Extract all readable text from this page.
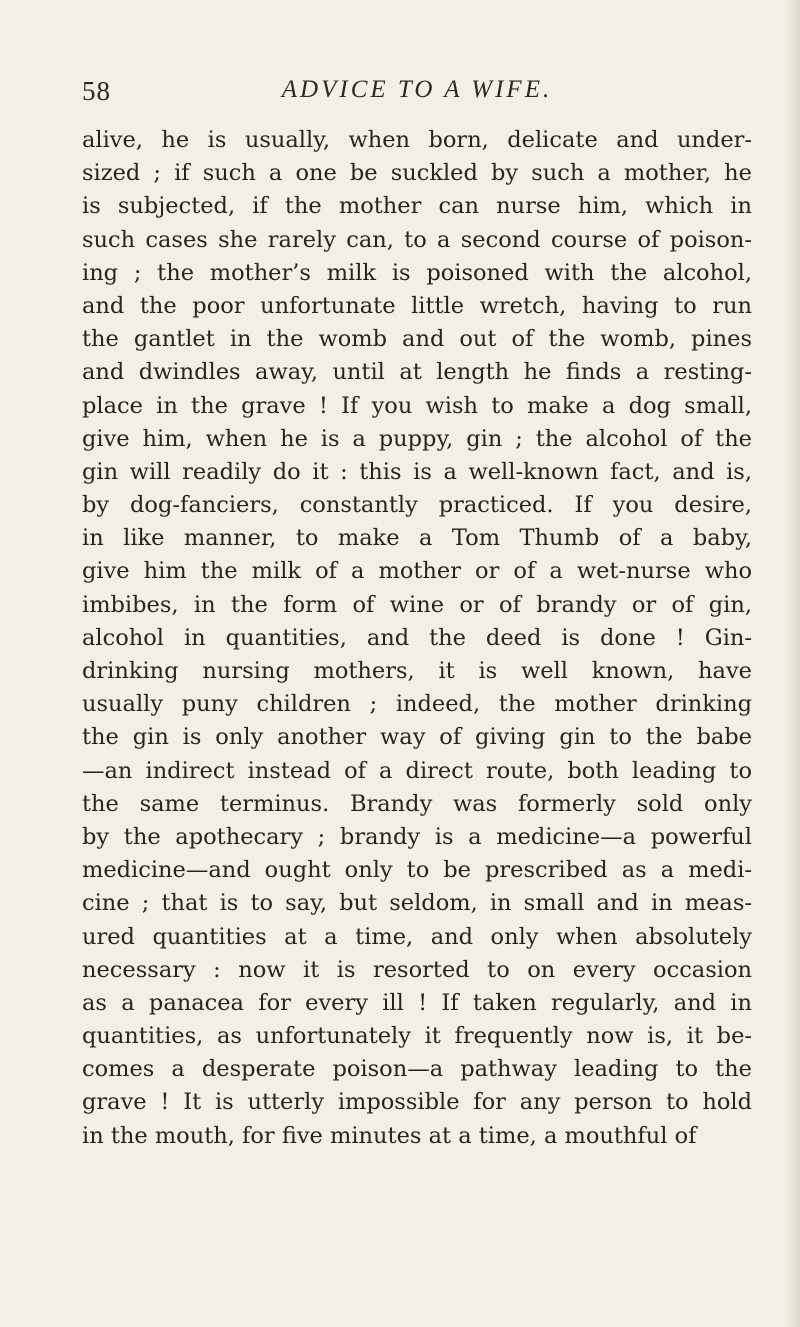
58	ADVICE TO A WIFE.
alive, he is usually, when born, delicate and under-
sized ; if such a one be suckled by such a mother, he
is subjected, if the mother can nurse him, which in
such cases she rarely can, to a second course of poison-
ing ; the mother’s milk is poisoned with the alcohol,
and the poor unfortunate little wretch, having to run
the gantlet in the womb and out of the womb, pines
and dwindles away, until at length he finds a resting-
place in the grave ! If you wish to make a dog small,
give him, when he is a puppy, gin ; the alcohol of the
gin will readily do it : this is a well-known fact, and is,
by dog-fanciers, constantly practiced. If you desire,
in like manner, to make a Tom Thumb of a baby,
give him the milk of a mother or of a wet-nurse who
imbibes, in the form of wine or of brandy or of gin,
alcohol in quantities, and the deed is done ! Gin-
drinking nursing mothers, it is well known, have
usually puny children ; indeed, the mother drinking
the gin is only another way of giving gin to the babe
—an indirect instead of a direct route, both leading to
the same terminus. Brandy was formerly sold only
by the apothecary ; brandy is a medicine—a powerful
medicine—and ought only to be prescribed as a medi-
cine ; that is to say, but seldom, in small and in meas-
ured quantities at a time, and only when absolutely
necessary : now it is resorted to on every occasion
as a panacea for every ill ! If taken regularly, and in
quantities, as unfortunately it frequently now is, it be-
comes a desperate poison—a pathway leading to the
grave ! It is utterly impossible for any person to hold
in the mouth, for five minutes at a time, a mouthful of
